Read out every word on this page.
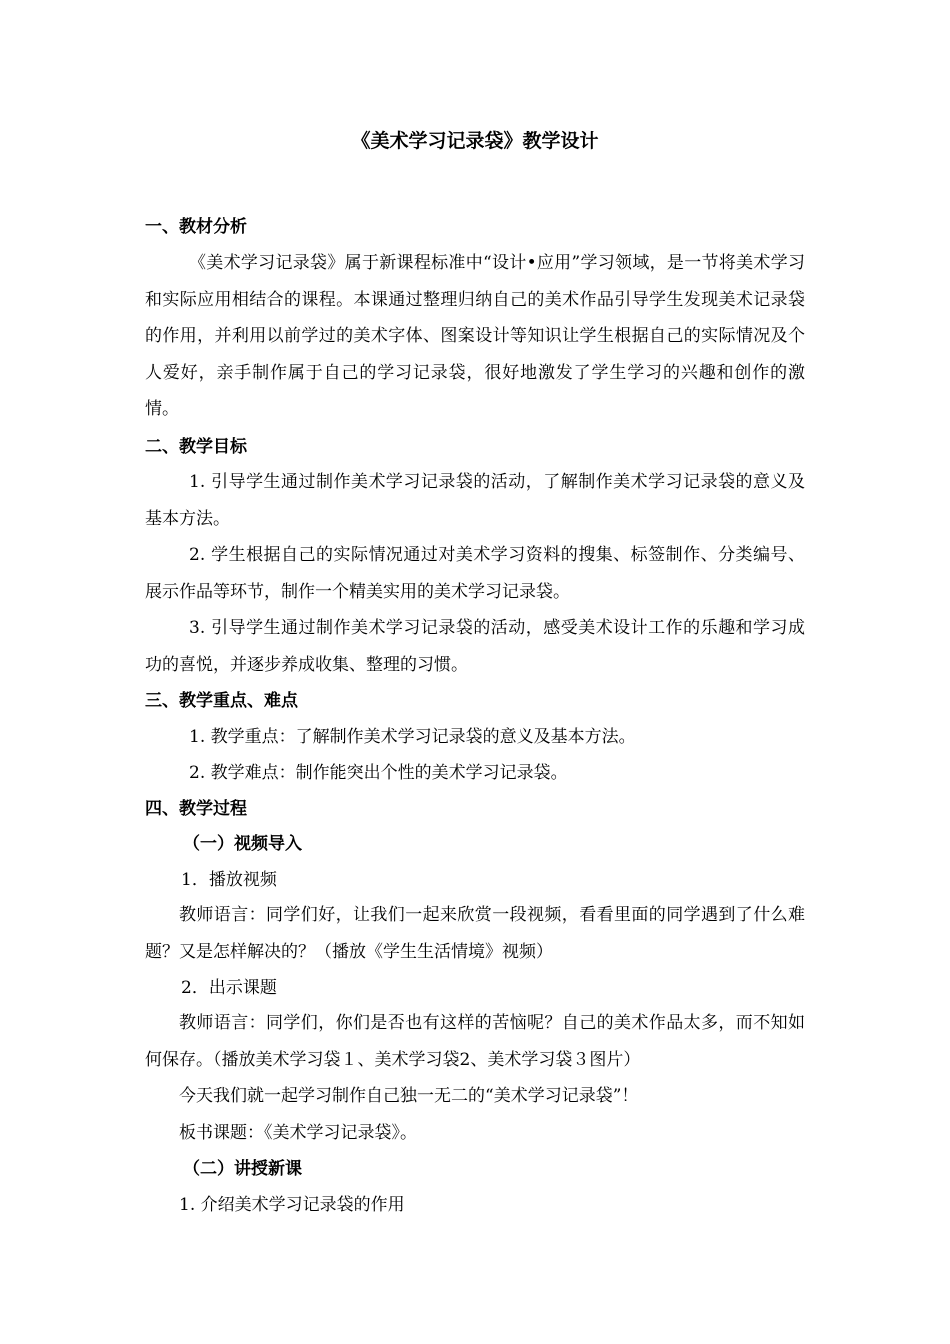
《美术学习记录袋》教学设计
一、教材分析
《美术学习记录袋》属于新课程标准中“设计•应用”学习领域，是一节将美术学习和实际应用相结合的课程。本课通过整理归纳自己的美术作品引导学生发现美术记录袋的作用，并利用以前学过的美术字体、图案设计等知识让学生根据自己的实际情况及个人爱好，亲手制作属于自己的学习记录袋，很好地激发了学生学习的兴趣和创作的激情。
二、教学目标
1. 引导学生通过制作美术学习记录袋的活动，了解制作美术学习记录袋的意义及基本方法。
2. 学生根据自己的实际情况通过对美术学习资料的搜集、标签制作、分类编号、展示作品等环节，制作一个精美实用的美术学习记录袋。
3. 引导学生通过制作美术学习记录袋的活动，感受美术设计工作的乐趣和学习成功的喜悦，并逐步养成收集、整理的习惯。
三、教学重点、难点
1. 教学重点：了解制作美术学习记录袋的意义及基本方法。
2. 教学难点：制作能突出个性的美术学习记录袋。
四、教学过程
（一）视频导入
1．播放视频
教师语言：同学们好，让我们一起来欣赏一段视频，看看里面的同学遇到了什么难题？又是怎样解决的？（播放《学生生活情境》视频）
2．出示课题
教师语言：同学们，你们是否也有这样的苦恼呢？自己的美术作品太多，而不知如何保存。（播放美术学习袋１、美术学习袋2、美术学习袋３图片）
今天我们就一起学习制作自己独一无二的“美术学习记录袋”！
板书课题：《美术学习记录袋》。
（二）讲授新课
1. 介绍美术学习记录袋的作用
